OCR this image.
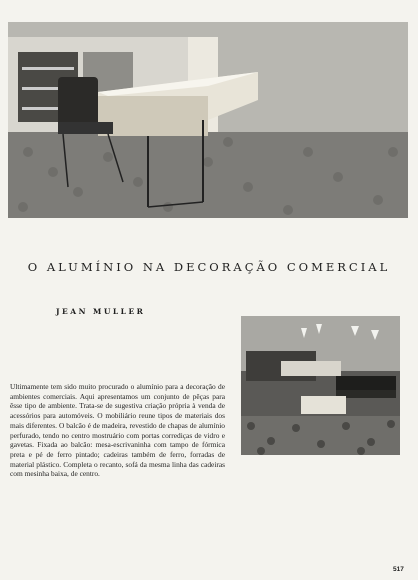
O ALUMÍNIO NA DECORAÇÃO COMERCIAL
JEAN MULLER
Ultimamente tem sido muito procurado o alumínio para a decoração de ambientes comerciais. Aqui apresentamos um conjunto de pêças para êsse tipo de ambiente. Trata-se de sugestiva criação própria à venda de acessórios para automóveis. O mobiliário reune tipos de materiais dos mais diferentes. O balcão é de madeira, revestido de chapas de alumínio perfurado, tendo no centro mostruário com portas corrediças de vidro e gavetas. Fixada ao balcão: mesa-escrivaninha com tampo de fórmica preta e pé de ferro pintado; cadeiras também de ferro, forradas de material plástico. Completa o recanto, sofá da mesma linha das cadeiras com mesinha baixa, de centro.
517
